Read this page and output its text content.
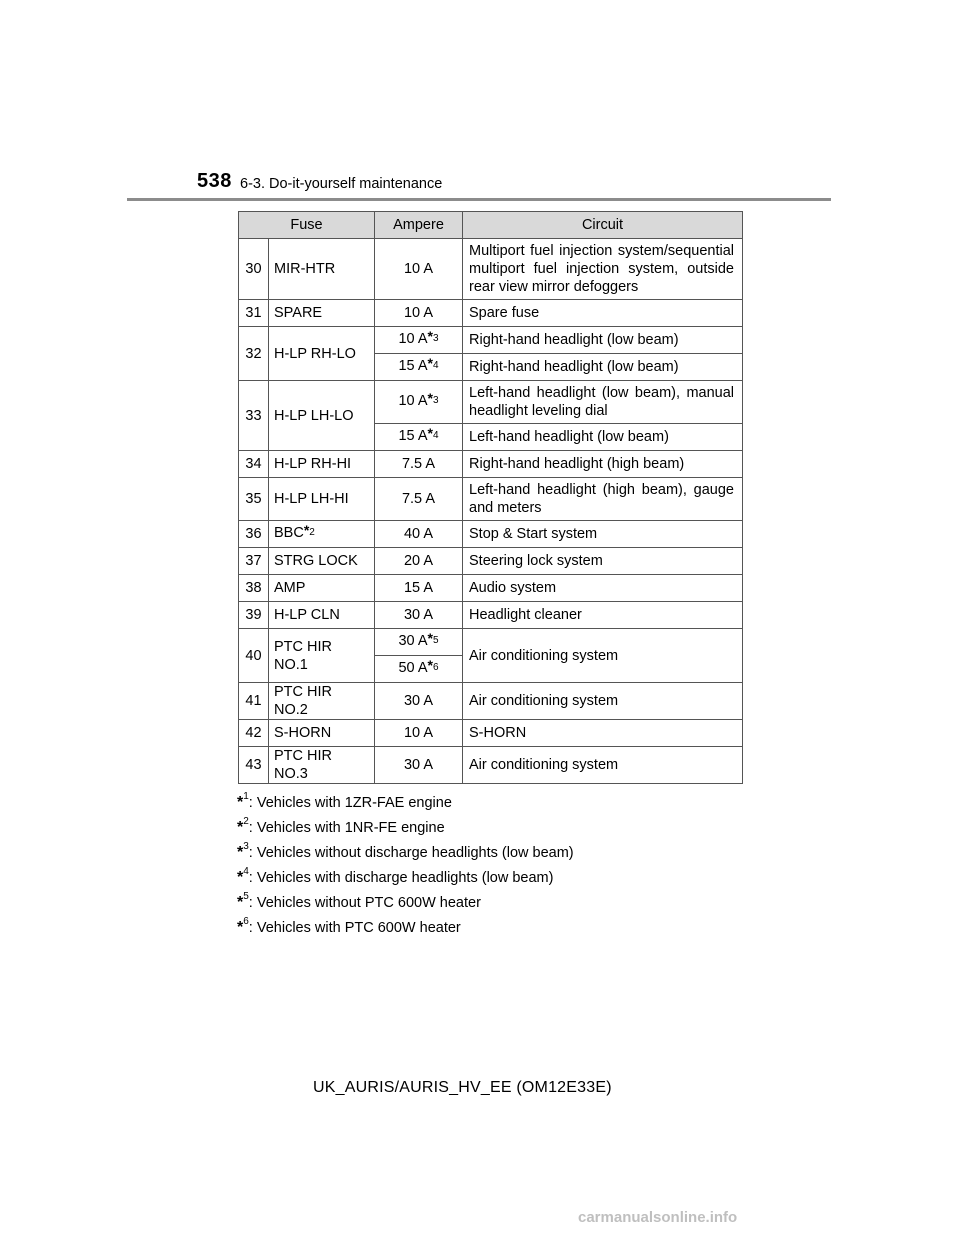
538 6-3. Do-it-yourself maintenance
Fuse		Ampere	Circuit
30	MIR-HTR	10 A	Multiport fuel injection system/sequential multiport fuel injection system, outside rear view mirror defoggers
31	SPARE	10 A	Spare fuse
32	H-LP RH-LO	10 A$^{*3}$	Right-hand headlight (low beam)
		15 A$^{*4}$	Right-hand headlight (low beam)
33	H-LP LH-LO	10 A$^{*3}$	Left-hand headlight (low beam), manual headlight leveling dial
		15 A$^{*4}$	Left-hand headlight (low beam)
34	H-LP RH-HI	7.5 A	Right-hand headlight (high beam)
35	H-LP LH-HI	7.5 A	Left-hand headlight (high beam), gauge and meters
36	BBC$^{*2}$	40 A	Stop & Start system
37	STRG LOCK	20 A	Steering lock system
38	AMP	15 A	Audio system
39	H-LP CLN	30 A	Headlight cleaner
40	PTC HIR NO.1	30 A$^{*5}$	Air conditioning system
		50 A$^{*6}$
41	PTC HIR NO.2	30 A	Air conditioning system
42	S-HORN	10 A	S-HORN
43	PTC HIR NO.3	30 A	Air conditioning system
*$^1$: Vehicles with 1ZR-FAE engine
*$^2$: Vehicles with 1NR-FE engine
*$^3$: Vehicles without discharge headlights (low beam)
*$^4$: Vehicles with discharge headlights (low beam)
*$^5$: Vehicles without PTC 600W heater
*$^6$: Vehicles with PTC 600W heater
UK_AURIS/AURIS_HV_EE (OM12E33E)
carmanualsonline.info
